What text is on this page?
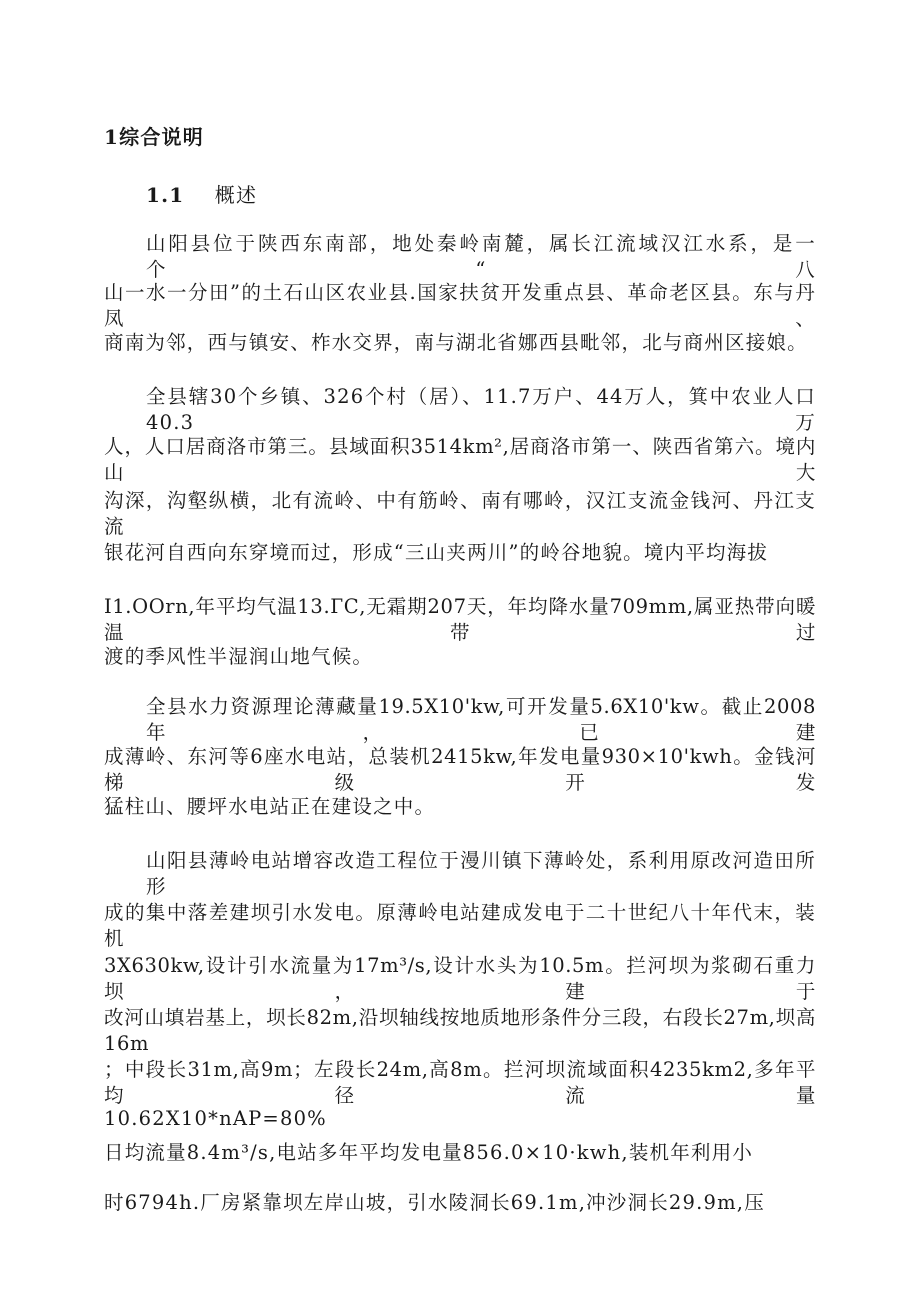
1综合说明
1.1 概述
山阳县位于陕西东南部，地处秦岭南麓，属长江流域汉江水系，是一个“八
山一水一分田”的土石山区农业县.国家扶贫开发重点县、革命老区县。东与丹凤、
商南为邻，西与镇安、柞水交界，南与湖北省娜西县毗邻，北与商州区接娘。
全县辖30个乡镇、326个村（居）、11.7万户、44万人，箕中农业人口40.3万
人，人口居商洛市第三。县域面积3514km²,居商洛市第一、陕西省第六。境内山大
沟深，沟壑纵横，北有流岭、中有筋岭、南有哪岭，汉江支流金钱河、丹江支流
银花河自西向东穿境而过，形成“三山夹两川”的岭谷地貌。境内平均海拔
I1.OOrn,年平均气温13.ГС,无霜期207天，年均降水量709mm,属亚热带向暖温带过
渡的季风性半湿润山地气候。
全县水力资源理论薄藏量19.5X10'kw,可开发量5.6X10'kw。截止2008年，已建
成薄岭、东河等6座水电站，总装机2415kw,年发电量930×10'kwh。金钱河梯级开发
猛柱山、腰坪水电站正在建设之中。
山阳县薄岭电站增容改造工程位于漫川镇下薄岭处，系利用原改河造田所形
成的集中落差建坝引水发电。原薄岭电站建成发电于二十世纪八十年代末，装机
3X630kw,设计引水流量为17m³/s,设计水头为10.5m。拦河坝为浆砌石重力坝，建于
改河山填岩基上，坝长82m,沿坝轴线按地质地形条件分三段，右段长27m,坝高16m
；中段长31m,高9m；左段长24m,高8m。拦河坝流域面积4235km2,多年平均径流量
10.62X10*nAP=80%
日均流量8.4m³/s,电站多年平均发电量856.0×10·kwh,装机年利用小
时6794h.厂房紧靠坝左岸山坡，引水陵洞长69.1m,冲沙洞长29.9m,压
